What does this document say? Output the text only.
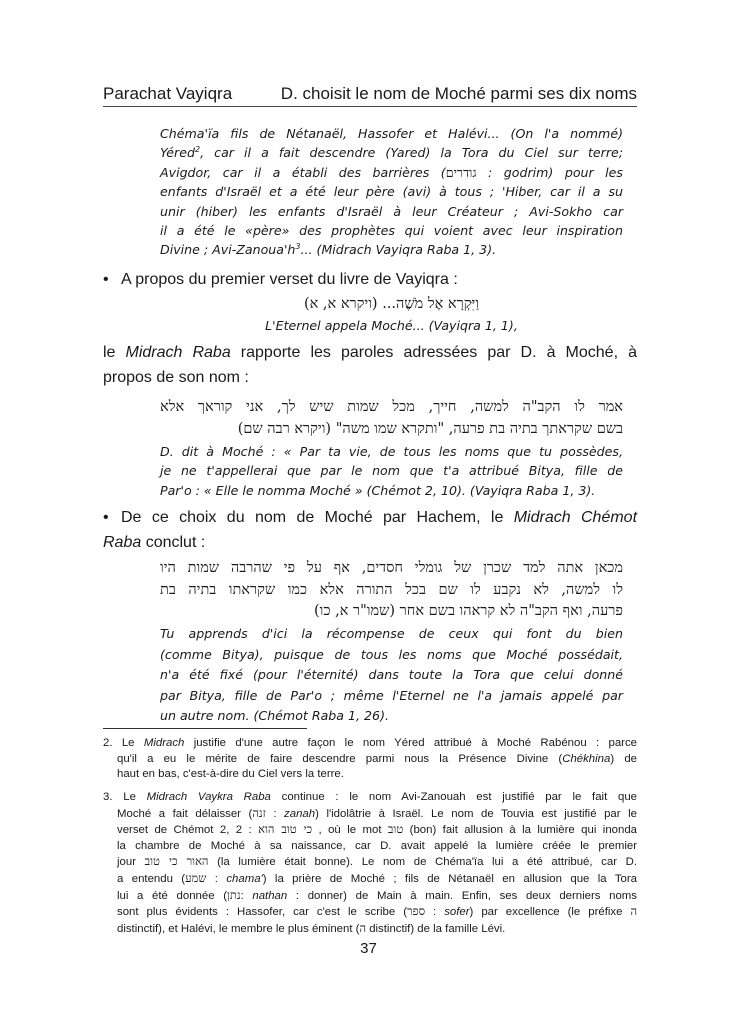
Parachat Vayiqra	D. choisit le nom de Moché parmi ses dix noms
Chéma'ïa fils de Nétanaël, Hassofer et Halévi... (On l'a nommé)
Yéred$^2$, car il a fait descendre (Yared) la Tora du Ciel sur terre;
Avigdor, car il a établi des barrières (גודרים : godrim) pour les
enfants d'Israël et a été leur père (avi) à tous ; 'Hiber, car il a su
unir (hiber) les enfants d'Israël à leur Créateur ; Avi-Sokho car
il a été le «père» des prophètes qui voient avec leur inspiration
Divine ; Avi-$Zanoua'h^3$... (Midrach Vayiqra Raba 1, 3).
• A propos du premier verset du livre de Vayiqra :
וַיִּקְרָא אֶל מֹשֶׁה... (ויקרא א, א)
L'Eternel appela Moché... (Vayiqra 1, 1),
le Midrach Raba rapporte les paroles adressées par D. à Moché, à
propos de son nom :
אמר לו הקב"ה למשה, חייך, מכל שמות שיש לך, אני קוראך אלא
בשם שקראתך בתיה בת פרעה, "ותקרא שמו משה" (ויקרא רבה שם)
D. dit à Moché : « Par ta vie, de tous les noms que tu possèdes,
je ne t'appellerai que par le nom que t'a attribué Bitya, fille de
Par'o : « Elle le nomma Moché » (Chémot 2, 10). (Vayiqra Raba 1, 3).
• De ce choix du nom de Moché par Hachem, le Midrach Chémot
Raba conclut :
מכאן אתה למד שכרן של גומלי חסדים, אף על פי שהרבה שמות היו
לו למשה, לא נקבע לו שם בכל התורה אלא כמו שקראתו בתיה בת
פרעה, ואף הקב"ה לא קראהו בשם אחר (שמו"ר א, כו)
Tu apprends d'ici la récompense de ceux qui font du bien
(comme Bitya), puisque de tous les noms que Moché possédait,
n'a été fixé (pour l'éternité) dans toute la Tora que celui donné
par Bitya, fille de Par'o ; même l'Eternel ne l'a jamais appelé par
un autre nom. (Chémot Raba 1, 26).
2. Le Midrach justifie d'une autre façon le nom Yéred attribué à Moché Rabénou : parce
qu'il a eu le mérite de faire descendre parmi nous la Présence Divine (Chékhina) de
haut en bas, c'est-à-dire du Ciel vers la terre.
3. Le Midrach Vaykra Raba continue : le nom Avi-Zanouah est justifié par le fait que
Moché a fait délaisser (זנה : zanah) l'idolâtrie à Israël. Le nom de Touvia est justifié par le
verset de Chémot 2, 2 : כי טוב הוא , où le mot טוב (bon) fait allusion à la lumière qui inonda
la chambre de Moché à sa naissance, car D. avait appelé la lumière créée le premier
jour האור כי טוב (la lumière était bonne). Le nom de Chéma'ïa lui a été attribué, car D.
a entendu (שמע : chama') la prière de Moché ; fils de Nétanaël en allusion que la Tora
lui a été donnée (נתן: nathan : donner) de Main à main. Enfin, ses deux derniers noms
sont plus évidents : Hassofer, car c'est le scribe (ספר : sofer) par excellence (le préfixe ה
distinctif), et Halévi, le membre le plus éminent (ה distinctif) de la famille Lévi.
37
